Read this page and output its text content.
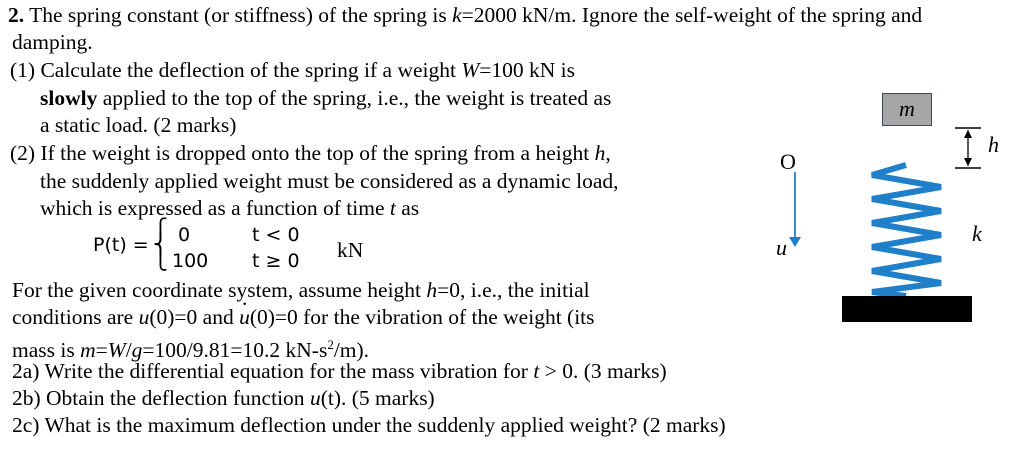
2. The spring constant (or stiffness) of the spring is k=2000 kN/m. Ignore the self-weight of the spring and
damping.
(1) Calculate the deflection of the spring if a weight W=100 kN is
slowly applied to the top of the spring, i.e., the weight is treated as
a static load. (2 marks)
(2) If the weight is dropped onto the top of the spring from a height h,
the suddenly applied weight must be considered as a dynamic load,
which is expressed as a function of time t as
P(t) =
⎧
⎨
⎩
0	t < 0
100 t ≥ 0 kN
For the given coordinate system, assume height h=0, i.e., the initial
conditions are u(0)=0 and · u(0)=0 for the vibration of the weight (its
mass is m=W/g=100/9.81=10.2 $kN-s^2/m$).
2a) Write the differential equation for the mass vibration for t > 0. (3 marks)
2b) Obtain the deflection function u(t). (5 marks)
2c) What is the maximum deflection under the suddenly applied weight? (2 marks)
m
O
u
h
k
